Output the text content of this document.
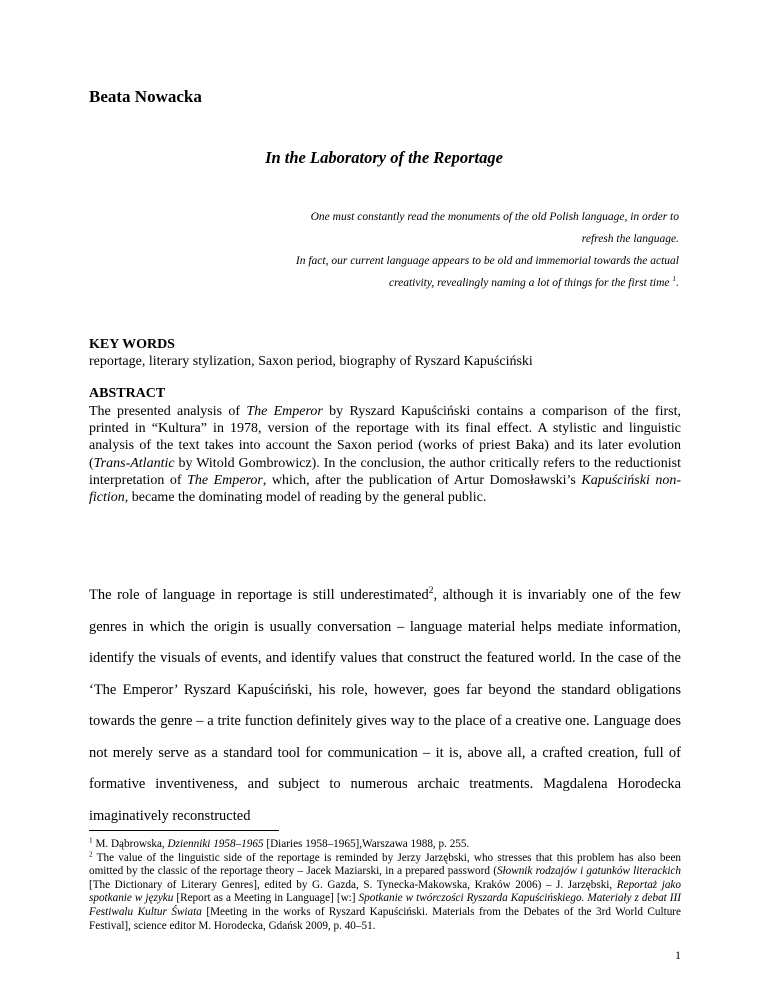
Beata Nowacka
In the Laboratory of the Reportage
One must constantly read the monuments of the old Polish language, in order to
refresh the language.
In fact, our current language appears to be old and immemorial towards the actual
creativity, revealingly naming a lot of things for the first time $^1$.
KEY WORDS
reportage, literary stylization, Saxon period, biography of Ryszard Kapuściński
ABSTRACT
The presented analysis of The Emperor by Ryszard Kapuściński contains a comparison of the first, printed in “Kultura” in 1978, version of the reportage with its final effect. A stylistic and linguistic analysis of the text takes into account the Saxon period (works of priest Baka) and its later evolution (Trans-Atlantic by Witold Gombrowicz). In the conclusion, the author critically refers to the reductionist interpretation of The Emperor, which, after the publication of Artur Domosławski’s Kapuściński non-fiction, became the dominating model of reading by the general public.
The role of language in reportage is still underestimated$^2$, although it is invariably one of the few genres in which the origin is usually conversation – language material helps mediate information, identify the visuals of events, and identify values that construct the featured world. In the case of the ‘The Emperor’ Ryszard Kapuściński, his role, however, goes far beyond the standard obligations towards the genre – a trite function definitely gives way to the place of a creative one. Language does not merely serve as a standard tool for communication – it is, above all, a crafted creation, full of formative inventiveness, and subject to numerous archaic treatments. Magdalena Horodecka imaginatively reconstructed
$^1$ M. Dąbrowska, Dzienniki 1958–1965 [Diaries 1958–1965],Warszawa 1988, p. 255.
$^2$ The value of the linguistic side of the reportage is reminded by Jerzy Jarzębski, who stresses that this problem has also been omitted by the classic of the reportage theory – Jacek Maziarski, in a prepared password (Słownik rodzajów i gatunków literackich [The Dictionary of Literary Genres], edited by G. Gazda, S. Tynecka-Makowska, Kraków 2006) – J. Jarzębski, Reportaż jako spotkanie w języku [Report as a Meeting in Language] [w:] Spotkanie w twórczości Ryszarda Kapuścińskiego. Materiały z debat III Festiwalu Kultur Świata [Meeting in the works of Ryszard Kapuściński. Materials from the Debates of the 3rd World Culture Festival], science editor M. Horodecka, Gdańsk 2009, p. 40–51.
1
